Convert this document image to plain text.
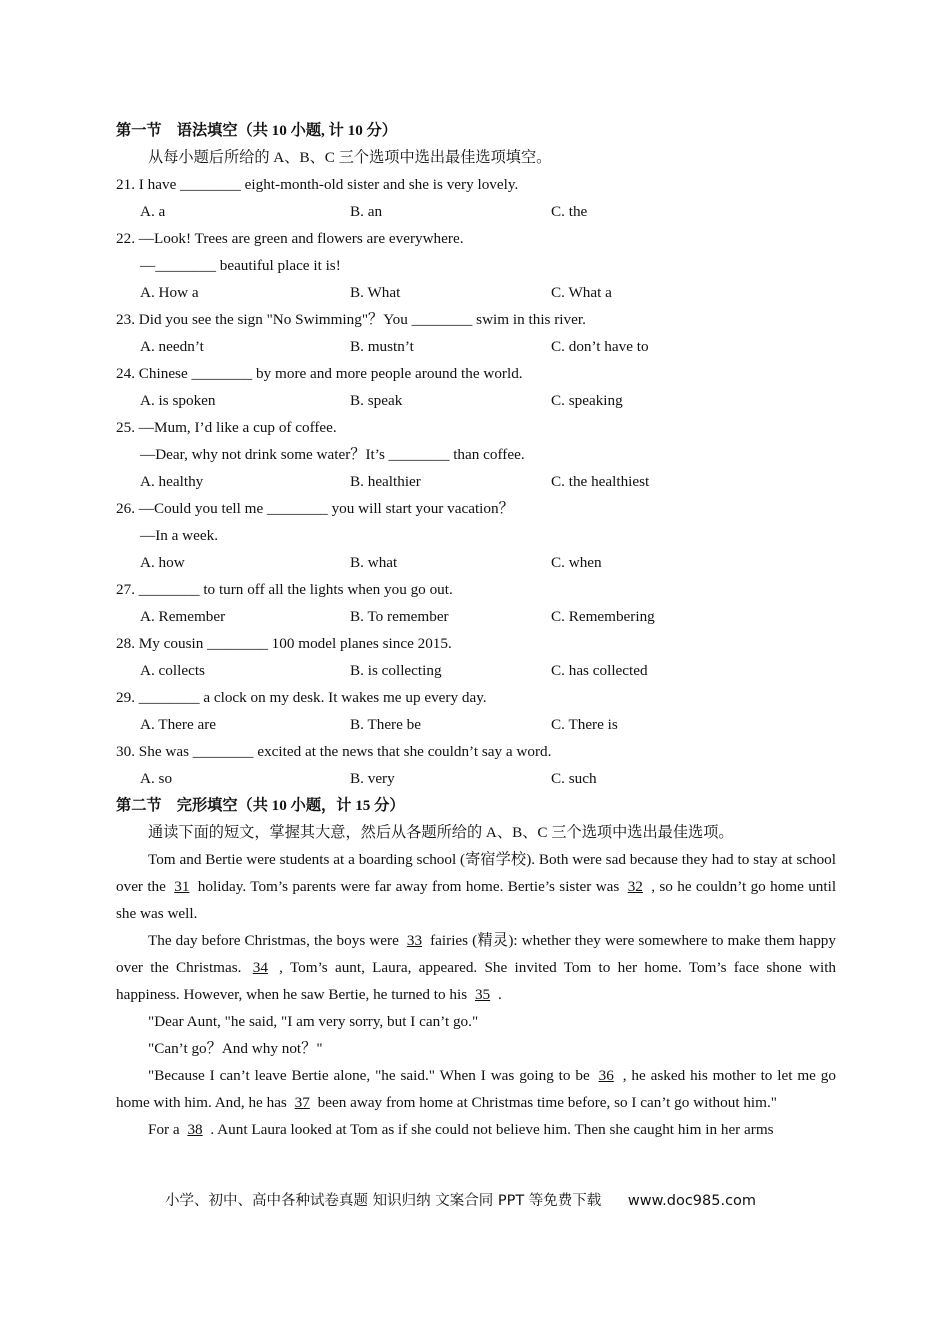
第一节　语法填空（共 10 小题, 计 10 分）
从每小题后所给的 A、B、C 三个选项中选出最佳选项填空。
21. I have ________ eight-month-old sister and she is very lovely.
A. a	B. an	C. the
22. —Look! Trees are green and flowers are everywhere.
—________ beautiful place it is!
A. How a	B. What	C. What a
23. Did you see the sign "No Swimming"？You ________ swim in this river.
A. needn’t	B. mustn’t	C. don’t have to
24. Chinese ________ by more and more people around the world.
A. is spoken	B. speak	C. speaking
25. —Mum, I’d like a cup of coffee.
—Dear, why not drink some water？It’s ________ than coffee.
A. healthy	B. healthier	C. the healthiest
26. —Could you tell me ________ you will start your vacation？
—In a week.
A. how	B. what	C. when
27. ________ to turn off all the lights when you go out.
A. Remember	B. To remember	C. Remembering
28. My cousin ________ 100 model planes since 2015.
A. collects	B. is collecting	C. has collected
29. ________ a clock on my desk. It wakes me up every day.
A. There are	B. There be	C. There is
30. She was ________ excited at the news that she couldn’t say a word.
A. so	B. very	C. such
第二节　完形填空（共 10 小题，计 15 分）
通读下面的短文，掌握其大意，然后从各题所给的 A、B、C 三个选项中选出最佳选项。

Tom and Bertie were students at a boarding school (寄宿学校). Both were sad because they had to stay at school over the 31 holiday. Tom’s parents were far away from home. Bertie’s sister was 32 , so he couldn’t go home until she was well.

The day before Christmas, the boys were 33 fairies (精灵): whether they were somewhere to make them happy over the Christmas. 34 , Tom’s aunt, Laura, appeared. She invited Tom to her home. Tom’s face shone with happiness. However, when he saw Bertie, he turned to his 35 .

"Dear Aunt, "he said, "I am very sorry, but I can’t go."

"Can’t go？And why not？"

"Because I can’t leave Bertie alone, "he said." When I was going to be 36 , he asked his mother to let me go home with him. And, he has 37 been away from home at Christmas time before, so I can’t go without him."

For a 38 . Aunt Laura looked at Tom as if she could not believe him. Then she caught him in her arms

小学、初中、高中各种试卷真题 知识归纳 文案合同 PPT 等免费下载 www.doc985.com
